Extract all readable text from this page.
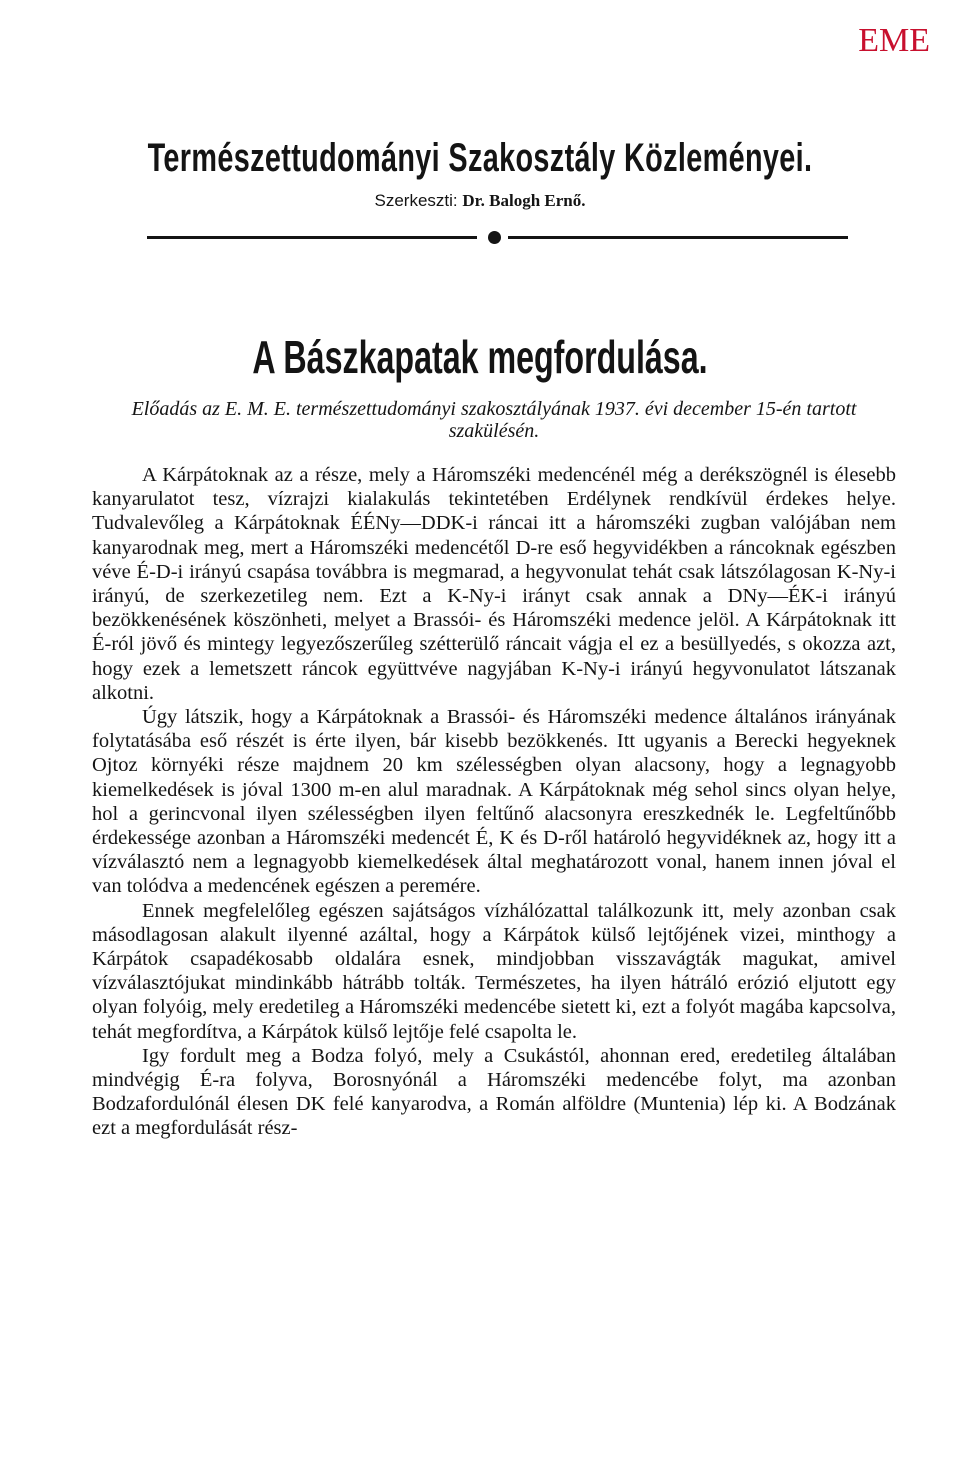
EME
Természettudományi Szakosztály Közleményei.
Szerkeszti: Dr. Balogh Ernő.
A Bászkapatak megfordulása.
Előadás az E. M. E. természettudományi szakosztályának 1937. évi december 15-én tartott szakülésén.

A Kárpátoknak az a része, mely a Háromszéki medencénél még a derékszögnél is élesebb kanyarulatot tesz, vízrajzi kialakulás tekintetében Erdélynek rendkívül érdekes helye. Tudvalevőleg a Kárpátoknak ÉÉNy—DDK-i ráncai itt a háromszéki zugban valójában nem kanyarodnak meg, mert a Háromszéki medencétől D-re eső hegyvidékben a ráncoknak egészben véve É-D-i irányú csapása továbbra is megmarad, a hegyvonulat tehát csak látszólagosan K-Ny-i irányú, de szerkezetileg nem. Ezt a K-Ny-i irányt csak annak a DNy—ÉK-i irányú bezökkenésének köszönheti, melyet a Brassói- és Háromszéki medence jelöl. A Kárpátoknak itt É-ról jövő és mintegy legyezőszerűleg szétterülő ráncait vágja el ez a besüllyedés, s okozza azt, hogy ezek a lemetszett ráncok együttvéve nagyjában K-Ny-i irányú hegyvonulatot látszanak alkotni.

Úgy látszik, hogy a Kárpátoknak a Brassói- és Háromszéki medence általános irányának folytatásába eső részét is érte ilyen, bár kisebb bezökkenés. Itt ugyanis a Berecki hegyeknek Ojtoz környéki része majdnem 20 km szélességben olyan alacsony, hogy a legnagyobb kiemelkedések is jóval 1300 m-en alul maradnak. A Kárpátoknak még sehol sincs olyan helye, hol a gerincvonal ilyen szélességben ilyen feltűnő alacsonyra ereszkednék le. Legfeltűnőbb érdekessége azonban a Háromszéki medencét É, K és D-ről határoló hegyvidéknek az, hogy itt a vízválasztó nem a legnagyobb kiemelkedések által meghatározott vonal, hanem innen jóval el van tolódva a medencének egészen a peremére.

Ennek megfelelőleg egészen sajátságos vízhálózattal találkozunk itt, mely azonban csak másodlagosan alakult ilyenné azáltal, hogy a Kárpátok külső lejtőjének vizei, minthogy a Kárpátok csapadékosabb oldalára esnek, mindjobban visszavágták magukat, amivel vízválasztójukat mindinkább hátrább tolták. Természetes, ha ilyen hátráló erózió eljutott egy olyan folyóig, mely eredetileg a Háromszéki medencébe sietett ki, ezt a folyót magába kapcsolva, tehát megfordítva, a Kárpátok külső lejtője felé csapolta le.

Igy fordult meg a Bodza folyó, mely a Csukástól, ahonnan ered, eredetileg általában mindvégig É-ra folyva, Borosnyónál a Háromszéki medencébe folyt, ma azonban Bodzafordulónál élesen DK felé kanyarodva, a Román alföldre (Muntenia) lép ki. A Bodzának ezt a megfordulását rész-
